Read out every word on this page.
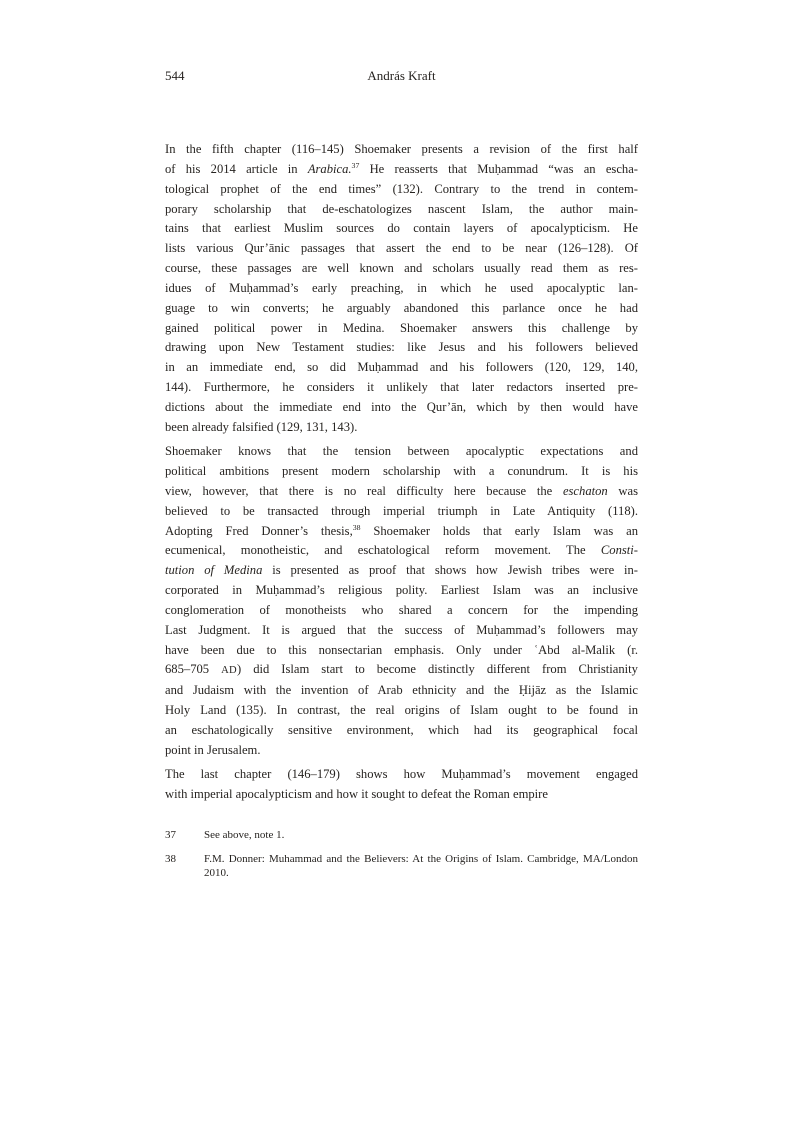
544	András Kraft
In the fifth chapter (116–145) Shoemaker presents a revision of the first half
of his 2014 article in Arabica.$^{37}$ He reasserts that Muḥammad “was an escha-
tological prophet of the end times” (132). Contrary to the trend in contem-
porary scholarship that de-eschatologizes nascent Islam, the author main-
tains that earliest Muslim sources do contain layers of apocalypticism. He
lists various Qur’ānic passages that assert the end to be near (126–128). Of
course, these passages are well known and scholars usually read them as res-
idues of Muḥammad’s early preaching, in which he used apocalyptic lan-
guage to win converts; he arguably abandoned this parlance once he had
gained political power in Medina. Shoemaker answers this challenge by
drawing upon New Testament studies: like Jesus and his followers believed
in an immediate end, so did Muḥammad and his followers (120, 129, 140,
144). Furthermore, he considers it unlikely that later redactors inserted pre-
dictions about the immediate end into the Qur’ān, which by then would have
been already falsified (129, 131, 143).
Shoemaker knows that the tension between apocalyptic expectations and
political ambitions present modern scholarship with a conundrum. It is his
view, however, that there is no real difficulty here because the eschaton was
believed to be transacted through imperial triumph in Late Antiquity (118).
Adopting Fred Donner’s thesis,$^{38}$ Shoemaker holds that early Islam was an
ecumenical, monotheistic, and eschatological reform movement. The Consti-
tution of Medina is presented as proof that shows how Jewish tribes were in-
corporated in Muḥammad’s religious polity. Earliest Islam was an inclusive
conglomeration of monotheists who shared a concern for the impending
Last Judgment. It is argued that the success of Muḥammad’s followers may
have been due to this nonsectarian emphasis. Only under ʿAbd al-Malik (r.
685–705 AD) did Islam start to become distinctly different from Christianity
and Judaism with the invention of Arab ethnicity and the Ḥijāz as the Islamic
Holy Land (135). In contrast, the real origins of Islam ought to be found in
an eschatologically sensitive environment, which had its geographical focal
point in Jerusalem.
The last chapter (146–179) shows how Muḥammad’s movement engaged
with imperial apocalypticism and how it sought to defeat the Roman empire
37	See above, note 1.
38	F.M. Donner: Muhammad and the Believers: At the Origins of Islam. Cambridge, MA/London 2010.
